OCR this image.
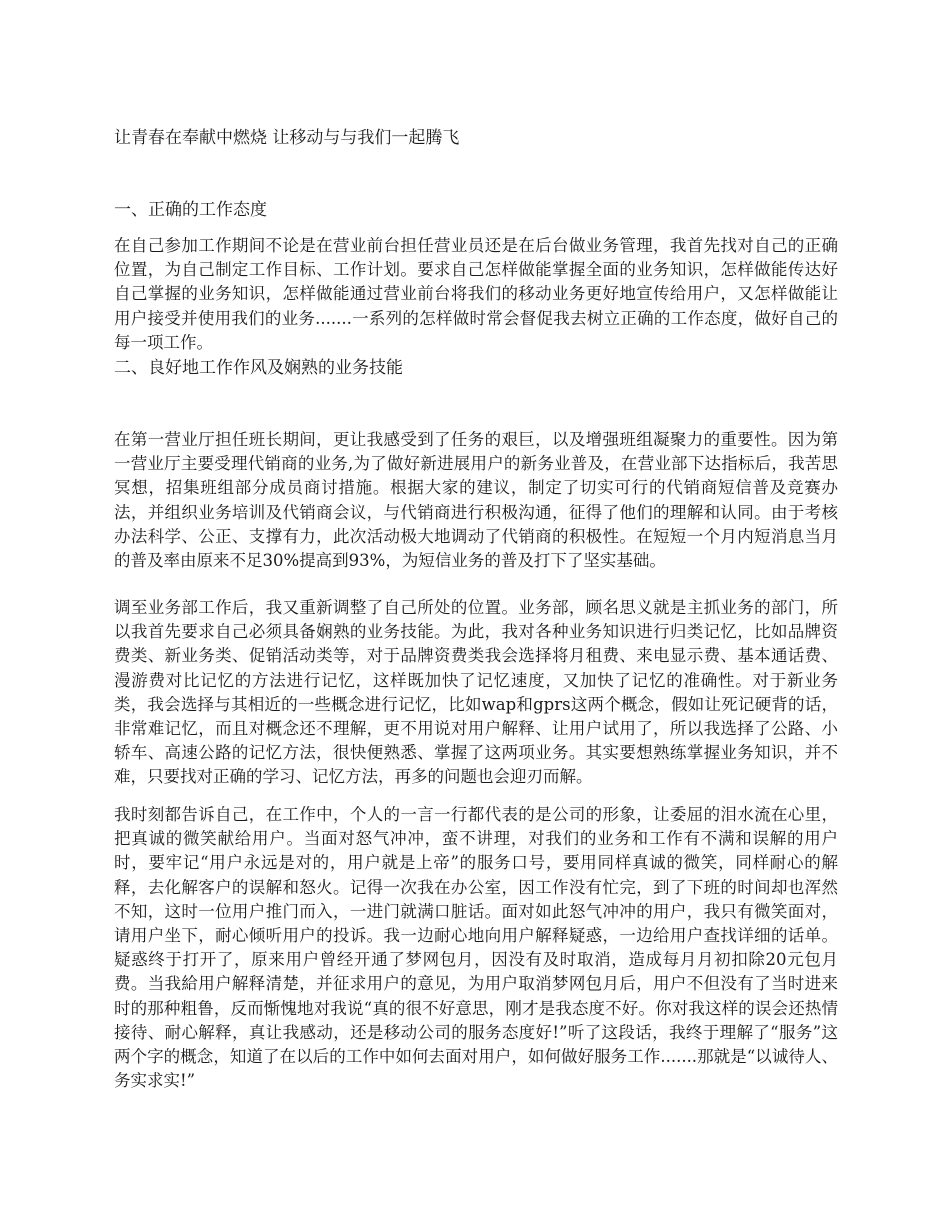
让青春在奉献中燃烧 让移动与与我们一起腾飞
一、正确的工作态度

在自己参加工作期间不论是在营业前台担任营业员还是在后台做业务管理，我首先找对自己的正确位置，为自己制定工作目标、工作计划。要求自己怎样做能掌握全面的业务知识，怎样做能传达好自己掌握的业务知识，怎样做能通过营业前台将我们的移动业务更好地宣传给用户，又怎样做能让用户接受并使用我们的业务.......一系列的怎样做时常会督促我去树立正确的工作态度，做好自己的每一项工作。

二、良好地工作作风及娴熟的业务技能

在第一营业厅担任班长期间，更让我感受到了任务的艰巨，以及增强班组凝聚力的重要性。因为第一营业厅主要受理代销商的业务,为了做好新进展用户的新务业普及，在营业部下达指标后，我苦思冥想，招集班组部分成员商讨措施。根据大家的建议，制定了切实可行的代销商短信普及竞赛办法，并组织业务培训及代销商会议，与代销商进行积极沟通，征得了他们的理解和认同。由于考核办法科学、公正、支撑有力，此次活动极大地调动了代销商的积极性。在短短一个月内短消息当月的普及率由原来不足30%提高到93%，为短信业务的普及打下了坚实基础。

调至业务部工作后，我又重新调整了自己所处的位置。业务部，顾名思义就是主抓业务的部门，所以我首先要求自己必须具备娴熟的业务技能。为此，我对各种业务知识进行归类记忆，比如品牌资费类、新业务类、促销活动类等，对于品牌资费类我会选择将月租费、来电显示费、基本通话费、漫游费对比记忆的方法进行记忆，这样既加快了记忆速度，又加快了记忆的准确性。对于新业务类，我会选择与其相近的一些概念进行记忆，比如wap和gprs这两个概念，假如让死记硬背的话，非常难记忆，而且对概念还不理解，更不用说对用户解释、让用户试用了，所以我选择了公路、小轿车、高速公路的记忆方法，很快便熟悉、掌握了这两项业务。其实要想熟练掌握业务知识，并不难，只要找对正确的学习、记忆方法，再多的问题也会迎刃而解。

我时刻都告诉自己，在工作中，个人的一言一行都代表的是公司的形象，让委屈的泪水流在心里，把真诚的微笑献给用户。当面对怒气冲冲，蛮不讲理，对我们的业务和工作有不满和误解的用户时，要牢记“用户永远是对的，用户就是上帝”的服务口号，要用同样真诚的微笑，同样耐心的解释，去化解客户的误解和怒火。记得一次我在办公室，因工作没有忙完，到了下班的时间却也浑然不知，这时一位用户推门而入，一进门就满口脏话。面对如此怒气冲冲的用户，我只有微笑面对，请用户坐下，耐心倾听用户的投诉。我一边耐心地向用户解释疑惑，一边给用户查找详细的话单。疑惑终于打开了，原来用户曾经开通了梦网包月，因没有及时取消，造成每月月初扣除20元包月费。当我給用户解释清楚，并征求用户的意见，为用户取消梦网包月后，用户不但没有了当时进来时的那种粗鲁，反而惭愧地对我说“真的很不好意思，刚才是我态度不好。你对我这样的误会还热情接待、耐心解释，真让我感动，还是移动公司的服务态度好!”听了这段话，我终于理解了“服务”这两个字的概念，知道了在以后的工作中如何去面对用户，如何做好服务工作.......那就是“以诚待人、务实求实!”
